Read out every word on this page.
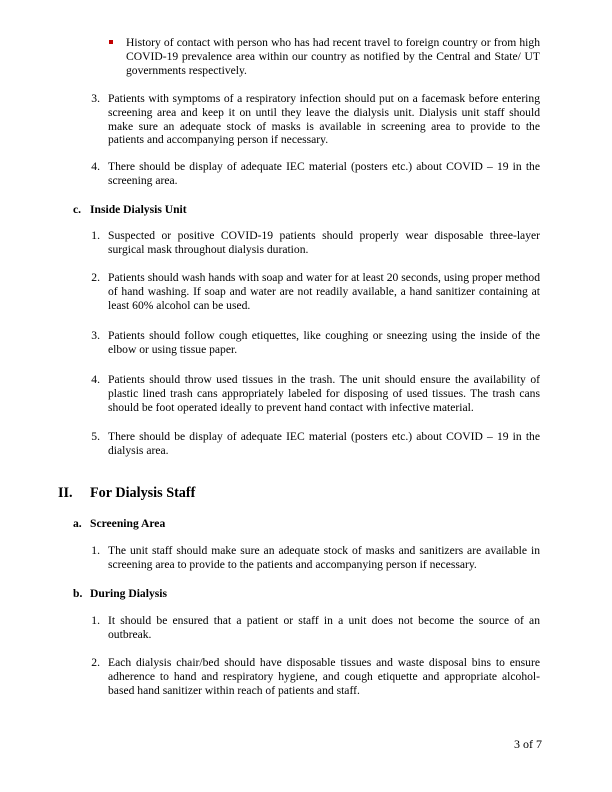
History of contact with person who has had recent travel to foreign country or from high COVID-19 prevalence area within our country as notified by the Central and State/ UT governments respectively.
3. Patients with symptoms of a respiratory infection should put on a facemask before entering screening area and keep it on until they leave the dialysis unit. Dialysis unit staff should make sure an adequate stock of masks is available in screening area to provide to the patients and accompanying person if necessary.
4. There should be display of adequate IEC material (posters etc.) about COVID – 19 in the screening area.
c. Inside Dialysis Unit
1. Suspected or positive COVID-19 patients should properly wear disposable three-layer surgical mask throughout dialysis duration.
2. Patients should wash hands with soap and water for at least 20 seconds, using proper method of hand washing. If soap and water are not readily available, a hand sanitizer containing at least 60% alcohol can be used.
3. Patients should follow cough etiquettes, like coughing or sneezing using the inside of the elbow or using tissue paper.
4. Patients should throw used tissues in the trash. The unit should ensure the availability of plastic lined trash cans appropriately labeled for disposing of used tissues. The trash cans should be foot operated ideally to prevent hand contact with infective material.
5. There should be display of adequate IEC material (posters etc.) about COVID – 19 in the dialysis area.
II. For Dialysis Staff
a. Screening Area
1. The unit staff should make sure an adequate stock of masks and sanitizers are available in screening area to provide to the patients and accompanying person if necessary.
b. During Dialysis
1. It should be ensured that a patient or staff in a unit does not become the source of an outbreak.
2. Each dialysis chair/bed should have disposable tissues and waste disposal bins to ensure adherence to hand and respiratory hygiene, and cough etiquette and appropriate alcohol-based hand sanitizer within reach of patients and staff.
3 of 7
